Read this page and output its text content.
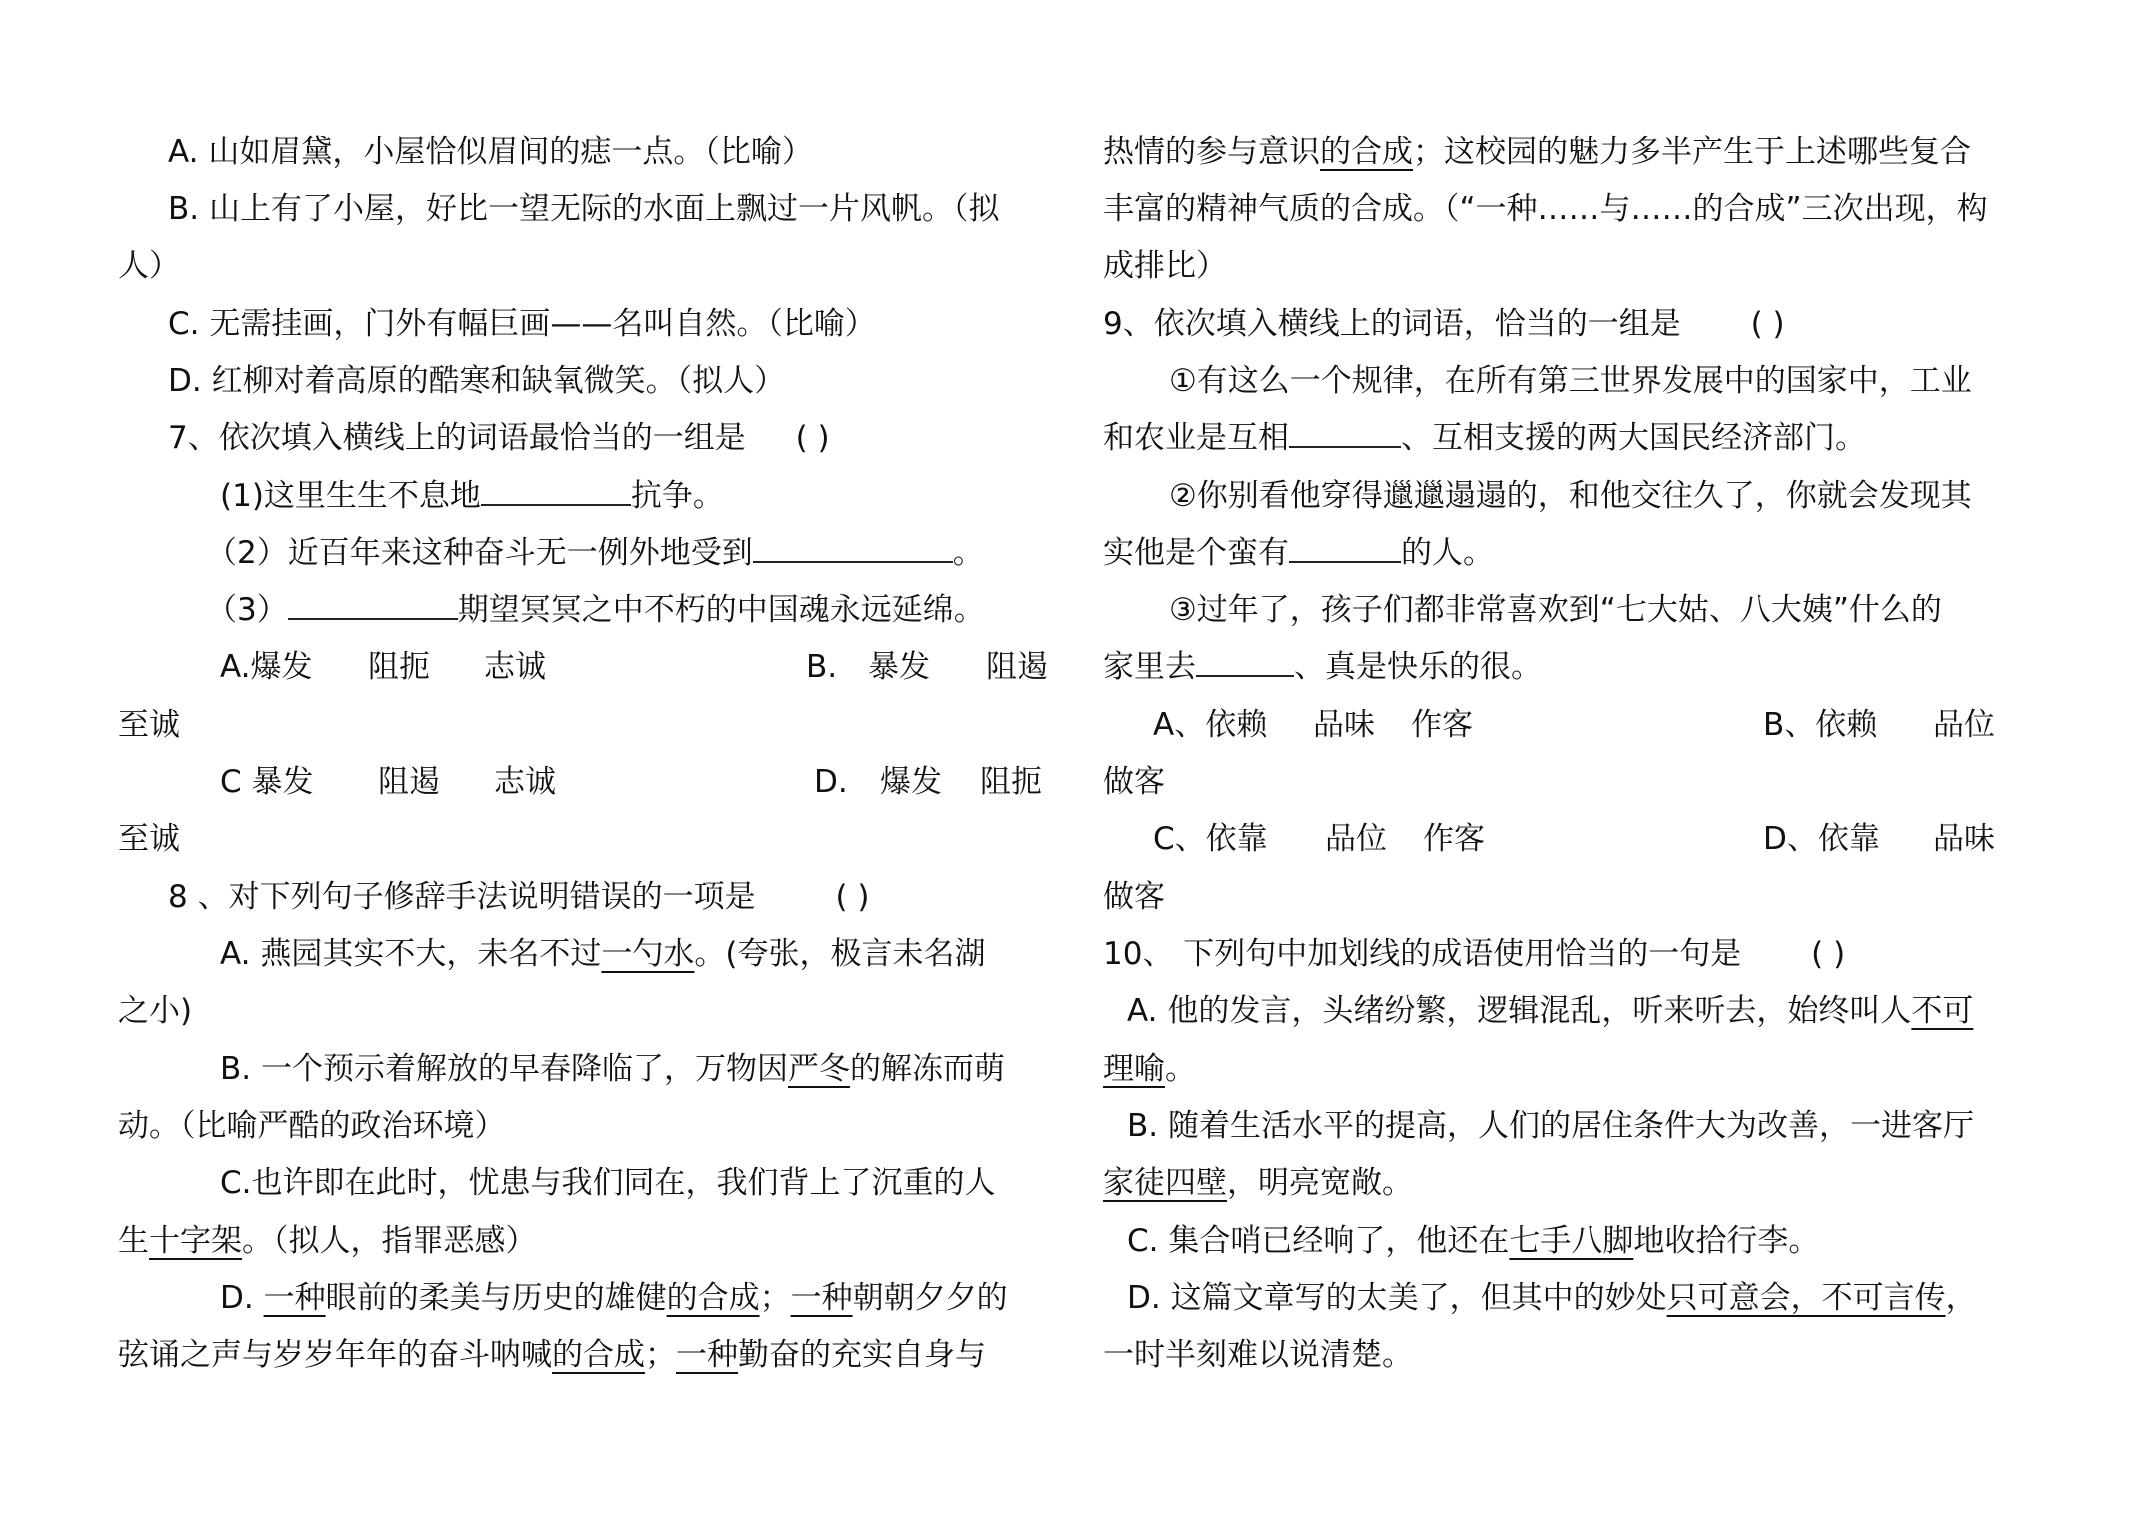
A. 山如眉黛，小屋恰似眉间的痣一点。（比喻）
B. 山上有了小屋，好比一望无际的水面上飘过一片风帆。（拟
人）
C. 无需挂画，门外有幅巨画——名叫自然。（比喻）
D. 红柳对着高原的酷寒和缺氧微笑。（拟人）
7、依次填入横线上的词语最恰当的一组是 ( )
(1)这里生生不息地	抗争。
（2）近百年来这种奋斗无一例外地受到	。
（3）	期望冥冥之中不朽的中国魂永远延绵。
A.爆发 阻扼 志诚	B. 暴发 阻遏
至诚
C 暴发 阻遏 志诚	D. 爆发 阻扼
至诚
8 、对下列句子修辞手法说明错误的一项是	( )
A. 燕园其实不大，未名不过一勺水。(夸张，极言未名湖
之小)
B. 一个预示着解放的早春降临了，万物因严冬的解冻而萌
动。（比喻严酷的政治环境）
C.也许即在此时，忧患与我们同在，我们背上了沉重的人
生十字架。（拟人，指罪恶感）
D. 一种眼前的柔美与历史的雄健的合成；一种朝朝夕夕的
弦诵之声与岁岁年年的奋斗呐喊的合成；一种勤奋的充实自身与
热情的参与意识的合成；这校园的魅力多半产生于上述哪些复合
丰富的精神气质的合成。（“一种……与……的合成”三次出现，构
成排比）
9、依次填入横线上的词语，恰当的一组是 ( )
①有这么一个规律，在所有第三世界发展中的国家中，工业
和农业是互相	、互相支援的两大国民经济部门。
②你别看他穿得邋邋遢遢的，和他交往久了，你就会发现其
实他是个蛮有	的人。
③过年了，孩子们都非常喜欢到“七大姑、八大姨”什么的
家里去	、真是快乐的很。
A、依赖 品味 作客	B、依赖 品位
做客
C、依靠 品位 作客	D、依靠 品味
做客
10、 下列句中加划线的成语使用恰当的一句是 ( )
A. 他的发言，头绪纷繁，逻辑混乱，听来听去，始终叫人不可
理喻。
B. 随着生活水平的提高，人们的居住条件大为改善，一进客厅
家徒四壁，明亮宽敞。
C. 集合哨已经响了，他还在七手八脚地收拾行李。
D. 这篇文章写的太美了，但其中的妙处只可意会，不可言传，
一时半刻难以说清楚。
